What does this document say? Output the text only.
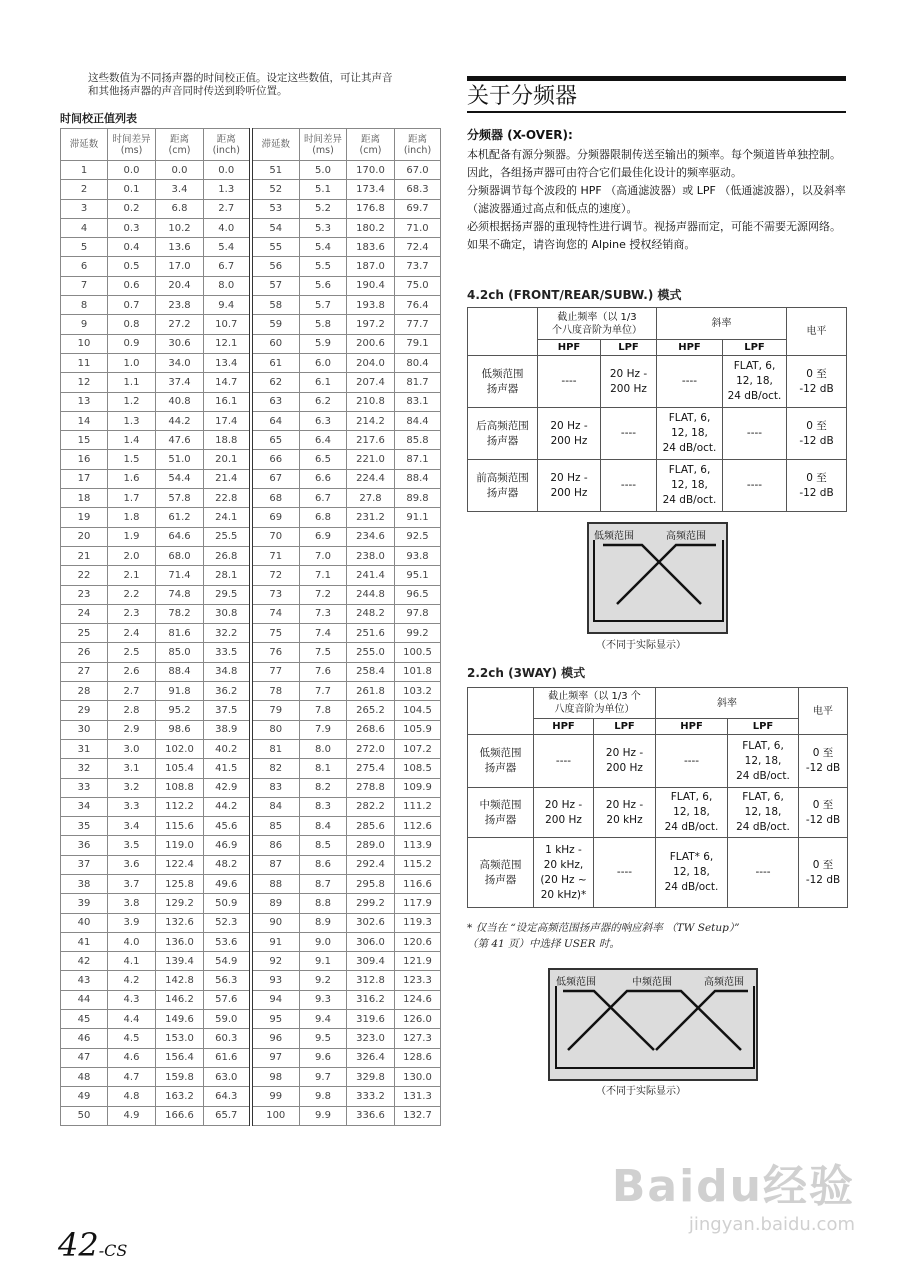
这些数值为不同扬声器的时间校正值。设定这些数值，可让其声音
和其他扬声器的声音同时传送到聆听位置。
时间校正值列表
滞延数	时间差异
(ms)	距离
(cm)	距离
(inch)	滞延数	时间差异
(ms)	距离
(cm)	距离
(inch)
1	0.0	0.0	0.0	51	5.0	170.0	67.0
2	0.1	3.4	1.3	52	5.1	173.4	68.3
3	0.2	6.8	2.7	53	5.2	176.8	69.7
4	0.3	10.2	4.0	54	5.3	180.2	71.0
5	0.4	13.6	5.4	55	5.4	183.6	72.4
6	0.5	17.0	6.7	56	5.5	187.0	73.7
7	0.6	20.4	8.0	57	5.6	190.4	75.0
8	0.7	23.8	9.4	58	5.7	193.8	76.4
9	0.8	27.2	10.7	59	5.8	197.2	77.7
10	0.9	30.6	12.1	60	5.9	200.6	79.1
11	1.0	34.0	13.4	61	6.0	204.0	80.4
12	1.1	37.4	14.7	62	6.1	207.4	81.7
13	1.2	40.8	16.1	63	6.2	210.8	83.1
14	1.3	44.2	17.4	64	6.3	214.2	84.4
15	1.4	47.6	18.8	65	6.4	217.6	85.8
16	1.5	51.0	20.1	66	6.5	221.0	87.1
17	1.6	54.4	21.4	67	6.6	224.4	88.4
18	1.7	57.8	22.8	68	6.7	27.8	89.8
19	1.8	61.2	24.1	69	6.8	231.2	91.1
20	1.9	64.6	25.5	70	6.9	234.6	92.5
21	2.0	68.0	26.8	71	7.0	238.0	93.8
22	2.1	71.4	28.1	72	7.1	241.4	95.1
23	2.2	74.8	29.5	73	7.2	244.8	96.5
24	2.3	78.2	30.8	74	7.3	248.2	97.8
25	2.4	81.6	32.2	75	7.4	251.6	99.2
26	2.5	85.0	33.5	76	7.5	255.0	100.5
27	2.6	88.4	34.8	77	7.6	258.4	101.8
28	2.7	91.8	36.2	78	7.7	261.8	103.2
29	2.8	95.2	37.5	79	7.8	265.2	104.5
30	2.9	98.6	38.9	80	7.9	268.6	105.9
31	3.0	102.0	40.2	81	8.0	272.0	107.2
32	3.1	105.4	41.5	82	8.1	275.4	108.5
33	3.2	108.8	42.9	83	8.2	278.8	109.9
34	3.3	112.2	44.2	84	8.3	282.2	111.2
35	3.4	115.6	45.6	85	8.4	285.6	112.6
36	3.5	119.0	46.9	86	8.5	289.0	113.9
37	3.6	122.4	48.2	87	8.6	292.4	115.2
38	3.7	125.8	49.6	88	8.7	295.8	116.6
39	3.8	129.2	50.9	89	8.8	299.2	117.9
40	3.9	132.6	52.3	90	8.9	302.6	119.3
41	4.0	136.0	53.6	91	9.0	306.0	120.6
42	4.1	139.4	54.9	92	9.1	309.4	121.9
43	4.2	142.8	56.3	93	9.2	312.8	123.3
44	4.3	146.2	57.6	94	9.3	316.2	124.6
45	4.4	149.6	59.0	95	9.4	319.6	126.0
46	4.5	153.0	60.3	96	9.5	323.0	127.3
47	4.6	156.4	61.6	97	9.6	326.4	128.6
48	4.7	159.8	63.0	98	9.7	329.8	130.0
49	4.8	163.2	64.3	99	9.8	333.2	131.3
50	4.9	166.6	65.7	100	9.9	336.6	132.7
关于分频器
分频器 (X-OVER):

本机配备有源分频器。分频器限制传送至输出的频率。每个频道皆单独控制。因此，各组扬声器可由符合它们最佳化设计的频率驱动。

分频器调节每个波段的 HPF （高通滤波器）或 LPF （低通滤波器），以及斜率 （滤波器通过高点和低点的速度）。

必须根据扬声器的重现特性进行调节。视扬声器而定，可能不需要无源网络。如果不确定，请咨询您的 Alpine 授权经销商。

4.2ch (FRONT/REAR/SUBW.) 模式
	截止频率（以 1/3
个八度音阶为单位）		斜率		电平
	HPF	LPF	HPF	LPF	
低频范围
扬声器	----	20 Hz -
200 Hz	----	FLAT, 6,
12, 18,
24 dB/oct.	0 至
-12 dB
后高频范围
扬声器	20 Hz -
200 Hz	----	FLAT, 6,
12, 18,
24 dB/oct.	----	0 至
-12 dB
前高频范围
扬声器	20 Hz -
200 Hz	----	FLAT, 6,
12, 18,
24 dB/oct.	----	0 至
-12 dB
低频范围	高频范围
（不同于实际显示）
2.2ch (3WAY) 模式
	截止频率（以 1/3 个
八度音阶为单位）		斜率		电平
	HPF	LPF	HPF	LPF	
低频范围
扬声器	----	20 Hz -
200 Hz	----	FLAT, 6,
12, 18,
24 dB/oct.	0 至
-12 dB
中频范围
扬声器	20 Hz -
200 Hz	20 Hz -
20 kHz	FLAT, 6,
12, 18,
24 dB/oct.	FLAT, 6,
12, 18,
24 dB/oct.	0 至
-12 dB
高频范围
扬声器	1 kHz -
20 kHz,
(20 Hz ~
20 kHz)*	----	FLAT* 6,
12, 18,
24 dB/oct.	----	0 至
-12 dB
* 仅当在 “设定高频范围扬声器的响应斜率 （TW Setup）”
（第 41 页）中选择 USER 时。
低频范围	中频范围	高频范围
（不同于实际显示）
42-CS
Baidu经验
jingyan.baidu.com
